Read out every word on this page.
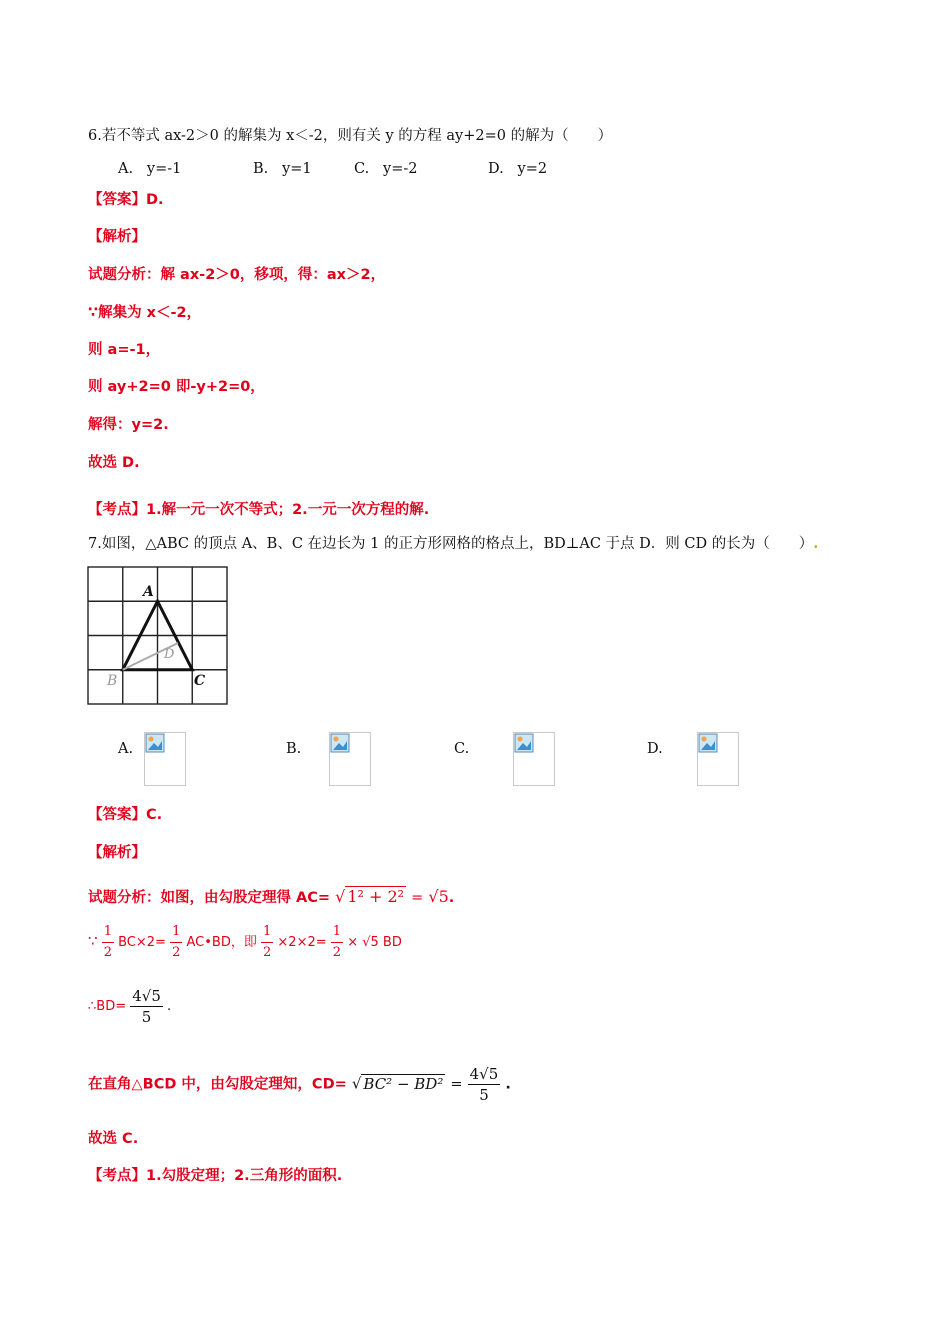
6.若不等式 ax-2＞0 的解集为 x＜-2，则有关 y 的方程 ay+2=0 的解为（　　）
A. y=-1	B. y=1	C. y=-2	D. y=2
【答案】D.
【解析】
试题分析：解 ax-2＞0，移项，得：ax＞2，
∵解集为 x＜-2，
则 a=-1，
则 ay+2=0 即-y+2=0，
解得：y=2.
故选 D.
【考点】1.解一元一次不等式；2.一元一次方程的解.
7.如图，△ABC 的顶点 A、B、C 在边长为 1 的正方形网格的格点上，BD⊥AC 于点 D．则 CD 的长为（　　）.
A
B	C
D
A.	B.	C.	D.
【答案】C.
【解析】
试题分析：如图，由勾股定理得 AC= √ 1² + 2² = √5.
∵ $\frac{1}{2} BC\times 2= \frac{1}{2}$ AC•BD，即 $\frac{1}{2} \times 2\times 2= \frac{1}{2} \times √5$ BD
∴BD= $\frac{4√5}{5}$ .
在直角△BCD 中，由勾股定理知，CD= √ $BC^2 - BD^2 = \frac{4√5}{5}$ .
故选 C.
【考点】1.勾股定理；2.三角形的面积.
